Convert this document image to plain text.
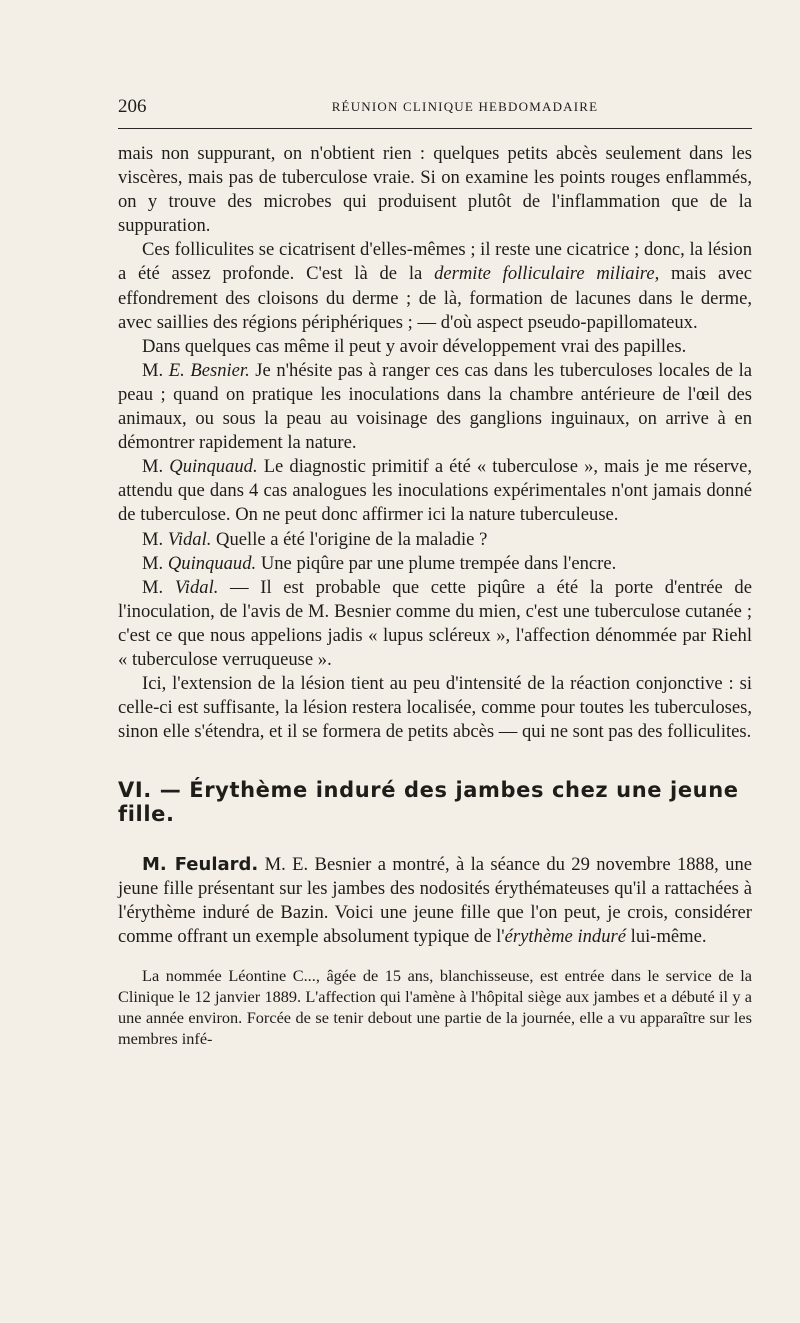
206	RÉUNION CLINIQUE HEBDOMADAIRE

mais non suppurant, on n'obtient rien : quelques petits abcès seulement dans les viscères, mais pas de tuberculose vraie. Si on examine les points rouges enflammés, on y trouve des microbes qui produisent plutôt de l'inflammation que de la suppuration.

Ces folliculites se cicatrisent d'elles-mêmes ; il reste une cicatrice ; donc, la lésion a été assez profonde. C'est là de la dermite folliculaire miliaire, mais avec effondrement des cloisons du derme ; de là, formation de lacunes dans le derme, avec saillies des régions périphériques ; — d'où aspect pseudo-papillomateux.

Dans quelques cas même il peut y avoir développement vrai des papilles.

M. E. Besnier. Je n'hésite pas à ranger ces cas dans les tuberculoses locales de la peau ; quand on pratique les inoculations dans la chambre antérieure de l'œil des animaux, ou sous la peau au voisinage des ganglions inguinaux, on arrive à en démontrer rapidement la nature.

M. Quinquaud. Le diagnostic primitif a été « tuberculose », mais je me réserve, attendu que dans 4 cas analogues les inoculations expérimentales n'ont jamais donné de tuberculose. On ne peut donc affirmer ici la nature tuberculeuse.

M. Vidal. Quelle a été l'origine de la maladie ?

M. Quinquaud. Une piqûre par une plume trempée dans l'encre.

M. Vidal. — Il est probable que cette piqûre a été la porte d'entrée de l'inoculation, de l'avis de M. Besnier comme du mien, c'est une tuberculose cutanée ; c'est ce que nous appelions jadis « lupus scléreux », l'affection dénommée par Riehl « tuberculose verruqueuse ».

Ici, l'extension de la lésion tient au peu d'intensité de la réaction conjonctive : si celle-ci est suffisante, la lésion restera localisée, comme pour toutes les tuberculoses, sinon elle s'étendra, et il se formera de petits abcès — qui ne sont pas des folliculites.

VI. — Érythème induré des jambes chez une jeune fille.

M. Feulard. M. E. Besnier a montré, à la séance du 29 novembre 1888, une jeune fille présentant sur les jambes des nodosités érythémateuses qu'il a rattachées à l'érythème induré de Bazin. Voici une jeune fille que l'on peut, je crois, considérer comme offrant un exemple absolument typique de l'érythème induré lui-même.

La nommée Léontine C..., âgée de 15 ans, blanchisseuse, est entrée dans le service de la Clinique le 12 janvier 1889. L'affection qui l'amène à l'hôpital siège aux jambes et a débuté il y a une année environ. Forcée de se tenir debout une partie de la journée, elle a vu apparaître sur les membres infé-
